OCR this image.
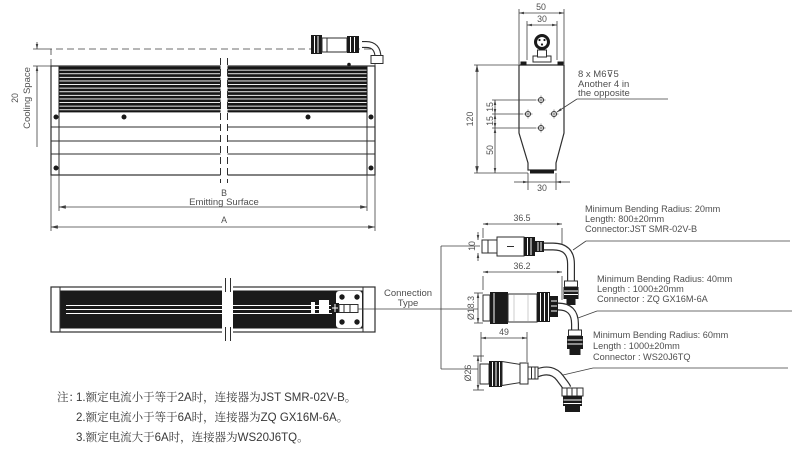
20 Cooling Space
B
Emitting Surface
A
50
30
120
15
15
50
30
8 x M6⊽5
Another 4 in
the opposite
Connection
Type
36.5
10
Minimum Bending Radius: 20mm
Length: 800±20mm
Connector:JST SMR-02V-B
36.2
Ø18.3
Minimum Bending Radius: 40mm
Length : 1000±20mm
Connector : ZQ GX16M-6A
49
Ø26
Minimum Bending Radius: 60mm
Length : 1000±20mm
Connector : WS20J6TQ
注：
1.额定电流小于等于2A时，连接器为JST SMR-02V-B。
2.额定电流小于等于6A时，连接器为ZQ GX16M-6A。
3.额定电流大于6A时，连接器为WS20J6TQ。
